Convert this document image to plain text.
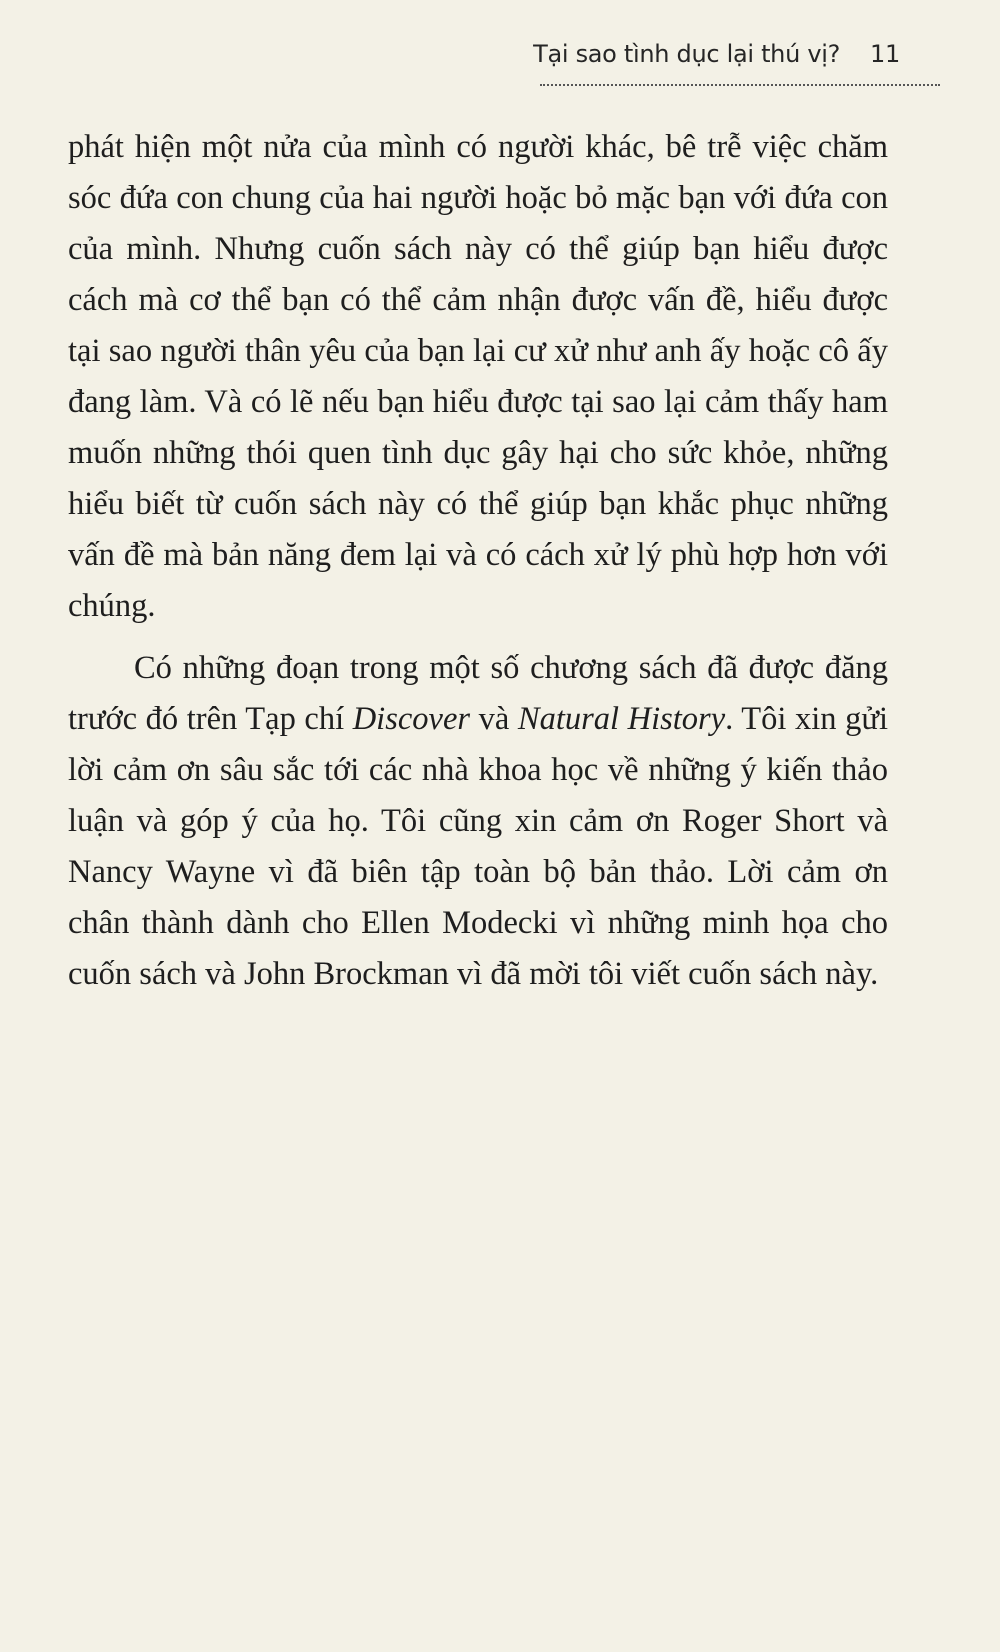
Tại sao tình dục lại thú vị? 11

phát hiện một nửa của mình có người khác, bê trễ việc chăm sóc đứa con chung của hai người hoặc bỏ mặc bạn với đứa con của mình. Nhưng cuốn sách này có thể giúp bạn hiểu được cách mà cơ thể bạn có thể cảm nhận được vấn đề, hiểu được tại sao người thân yêu của bạn lại cư xử như anh ấy hoặc cô ấy đang làm. Và có lẽ nếu bạn hiểu được tại sao lại cảm thấy ham muốn những thói quen tình dục gây hại cho sức khỏe, những hiểu biết từ cuốn sách này có thể giúp bạn khắc phục những vấn đề mà bản năng đem lại và có cách xử lý phù hợp hơn với chúng.

Có những đoạn trong một số chương sách đã được đăng trước đó trên Tạp chí Discover và Natural History. Tôi xin gửi lời cảm ơn sâu sắc tới các nhà khoa học về những ý kiến thảo luận và góp ý của họ. Tôi cũng xin cảm ơn Roger Short và Nancy Wayne vì đã biên tập toàn bộ bản thảo. Lời cảm ơn chân thành dành cho Ellen Modecki vì những minh họa cho cuốn sách và John Brockman vì đã mời tôi viết cuốn sách này.
